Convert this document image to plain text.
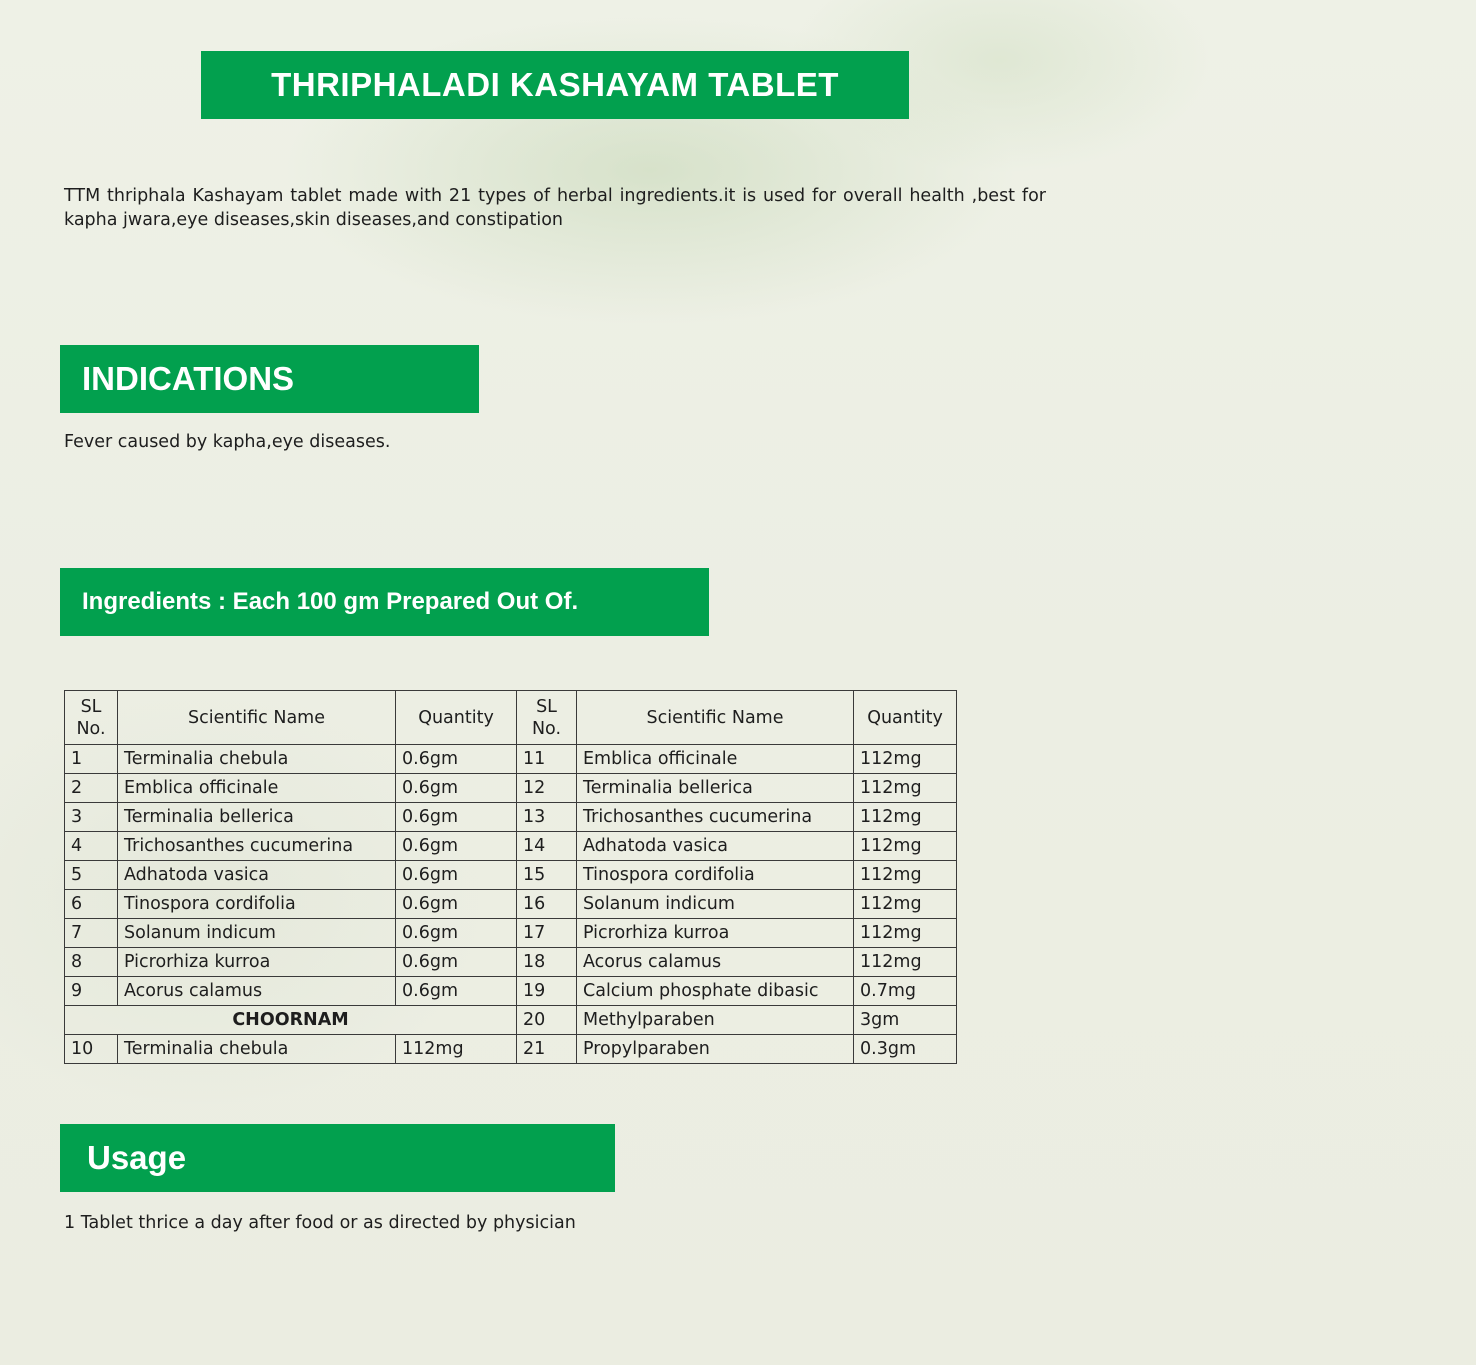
THRIPHALADI KASHAYAM TABLET
TTM thriphala Kashayam tablet made with 21 types of herbal ingredients.it is used for overall health ,best for kapha jwara,eye diseases,skin diseases,and constipation
INDICATIONS
Fever caused by kapha,eye diseases.
Ingredients : Each 100 gm Prepared Out Of.
SL No.	Scientific Name	Quantity	SL No.	Scientific Name	Quantity
1	Terminalia chebula	0.6gm	11	Emblica officinale	112mg
2	Emblica officinale	0.6gm	12	Terminalia bellerica	112mg
3	Terminalia bellerica	0.6gm	13	Trichosanthes cucumerina	112mg
4	Trichosanthes cucumerina	0.6gm	14	Adhatoda vasica	112mg
5	Adhatoda vasica	0.6gm	15	Tinospora cordifolia	112mg
6	Tinospora cordifolia	0.6gm	16	Solanum indicum	112mg
7	Solanum indicum	0.6gm	17	Picrorhiza kurroa	112mg
8	Picrorhiza kurroa	0.6gm	18	Acorus calamus	112mg
9	Acorus calamus	0.6gm	19	Calcium phosphate dibasic	0.7mg
CHOORNAM			20	Methylparaben	3gm
10	Terminalia chebula	112mg	21	Propylparaben	0.3gm
Usage
1 Tablet thrice a day after food or as directed by physician
